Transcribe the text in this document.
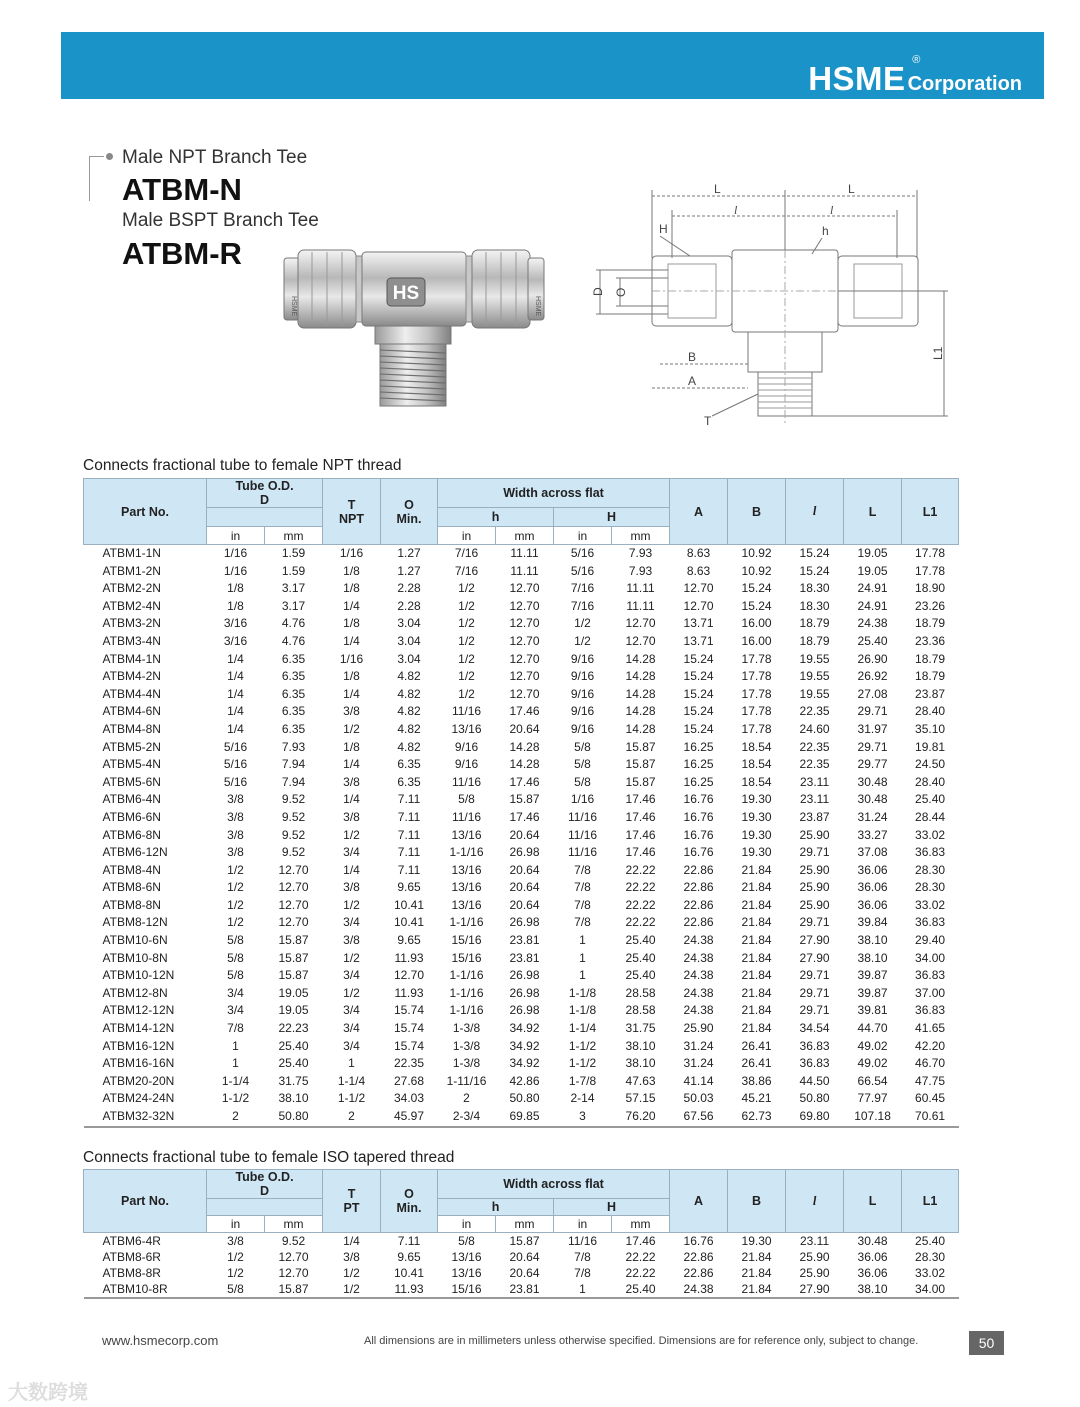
HSME ®
Corporation
Male NPT Branch Tee
ATBM-N
Male BSPT Branch Tee
ATBM-R
HSME
HS
HSME
L	L
l	l
H	h
D O
B
A
T
L1
Connects fractional tube to female NPT thread
Part No.	Tube O.D.
D		T
NPT	O
Min.	Width across flat				A	B	l	L	L1
					h		H						
	in	mm			in	mm	in	mm					
ATBM1-1N	1/16	1.59	1/16	1.27	7/16	11.11	5/16	7.93	8.63	10.92	15.24	19.05	17.78
ATBM1-2N	1/16	1.59	1/8	1.27	7/16	11.11	5/16	7.93	8.63	10.92	15.24	19.05	17.78
ATBM2-2N	1/8	3.17	1/8	2.28	1/2	12.70	7/16	11.11	12.70	15.24	18.30	24.91	18.90
ATBM2-4N	1/8	3.17	1/4	2.28	1/2	12.70	7/16	11.11	12.70	15.24	18.30	24.91	23.26
ATBM3-2N	3/16	4.76	1/8	3.04	1/2	12.70	1/2	12.70	13.71	16.00	18.79	24.38	18.79
ATBM3-4N	3/16	4.76	1/4	3.04	1/2	12.70	1/2	12.70	13.71	16.00	18.79	25.40	23.36
ATBM4-1N	1/4	6.35	1/16	3.04	1/2	12.70	9/16	14.28	15.24	17.78	19.55	26.90	18.79
ATBM4-2N	1/4	6.35	1/8	4.82	1/2	12.70	9/16	14.28	15.24	17.78	19.55	26.92	18.79
ATBM4-4N	1/4	6.35	1/4	4.82	1/2	12.70	9/16	14.28	15.24	17.78	19.55	27.08	23.87
ATBM4-6N	1/4	6.35	3/8	4.82	11/16	17.46	9/16	14.28	15.24	17.78	22.35	29.71	28.40
ATBM4-8N	1/4	6.35	1/2	4.82	13/16	20.64	9/16	14.28	15.24	17.78	24.60	31.97	35.10
ATBM5-2N	5/16	7.93	1/8	4.82	9/16	14.28	5/8	15.87	16.25	18.54	22.35	29.71	19.81
ATBM5-4N	5/16	7.94	1/4	6.35	9/16	14.28	5/8	15.87	16.25	18.54	22.35	29.77	24.50
ATBM5-6N	5/16	7.94	3/8	6.35	11/16	17.46	5/8	15.87	16.25	18.54	23.11	30.48	28.40
ATBM6-4N	3/8	9.52	1/4	7.11	5/8	15.87	1/16	17.46	16.76	19.30	23.11	30.48	25.40
ATBM6-6N	3/8	9.52	3/8	7.11	11/16	17.46	11/16	17.46	16.76	19.30	23.87	31.24	28.44
ATBM6-8N	3/8	9.52	1/2	7.11	13/16	20.64	11/16	17.46	16.76	19.30	25.90	33.27	33.02
ATBM6-12N	3/8	9.52	3/4	7.11	1-1/16	26.98	11/16	17.46	16.76	19.30	29.71	37.08	36.83
ATBM8-4N	1/2	12.70	1/4	7.11	13/16	20.64	7/8	22.22	22.86	21.84	25.90	36.06	28.30
ATBM8-6N	1/2	12.70	3/8	9.65	13/16	20.64	7/8	22.22	22.86	21.84	25.90	36.06	28.30
ATBM8-8N	1/2	12.70	1/2	10.41	13/16	20.64	7/8	22.22	22.86	21.84	25.90	36.06	33.02
ATBM8-12N	1/2	12.70	3/4	10.41	1-1/16	26.98	7/8	22.22	22.86	21.84	29.71	39.84	36.83
ATBM10-6N	5/8	15.87	3/8	9.65	15/16	23.81	1	25.40	24.38	21.84	27.90	38.10	29.40
ATBM10-8N	5/8	15.87	1/2	11.93	15/16	23.81	1	25.40	24.38	21.84	27.90	38.10	34.00
ATBM10-12N	5/8	15.87	3/4	12.70	1-1/16	26.98	1	25.40	24.38	21.84	29.71	39.87	36.83
ATBM12-8N	3/4	19.05	1/2	11.93	1-1/16	26.98	1-1/8	28.58	24.38	21.84	29.71	39.87	37.00
ATBM12-12N	3/4	19.05	3/4	15.74	1-1/16	26.98	1-1/8	28.58	24.38	21.84	29.71	39.81	36.83
ATBM14-12N	7/8	22.23	3/4	15.74	1-3/8	34.92	1-1/4	31.75	25.90	21.84	34.54	44.70	41.65
ATBM16-12N	1	25.40	3/4	15.74	1-3/8	34.92	1-1/2	38.10	31.24	26.41	36.83	49.02	42.20
ATBM16-16N	1	25.40	1	22.35	1-3/8	34.92	1-1/2	38.10	31.24	26.41	36.83	49.02	46.70
ATBM20-20N	1-1/4	31.75	1-1/4	27.68	1-11/16	42.86	1-7/8	47.63	41.14	38.86	44.50	66.54	47.75
ATBM24-24N	1-1/2	38.10	1-1/2	34.03	2	50.80	2-14	57.15	50.03	45.21	50.80	77.97	60.45
ATBM32-32N	2	50.80	2	45.97	2-3/4	69.85	3	76.20	67.56	62.73	69.80	107.18	70.61
Connects fractional tube to female ISO tapered thread
Part No.	Tube O.D.
D		T
PT	O
Min.	Width across flat				A	B	l	L	L1
					h		H						
	in	mm			in	mm	in	mm					
ATBM6-4R	3/8	9.52	1/4	7.11	5/8	15.87	11/16	17.46	16.76	19.30	23.11	30.48	25.40
ATBM8-6R	1/2	12.70	3/8	9.65	13/16	20.64	7/8	22.22	22.86	21.84	25.90	36.06	28.30
ATBM8-8R	1/2	12.70	1/2	10.41	13/16	20.64	7/8	22.22	22.86	21.84	25.90	36.06	33.02
ATBM10-8R	5/8	15.87	1/2	11.93	15/16	23.81	1	25.40	24.38	21.84	27.90	38.10	34.00
www.hsmecorp.com	All dimensions are in millimeters unless otherwise specified. Dimensions are for reference only, subject to change.	50
大数跨境
